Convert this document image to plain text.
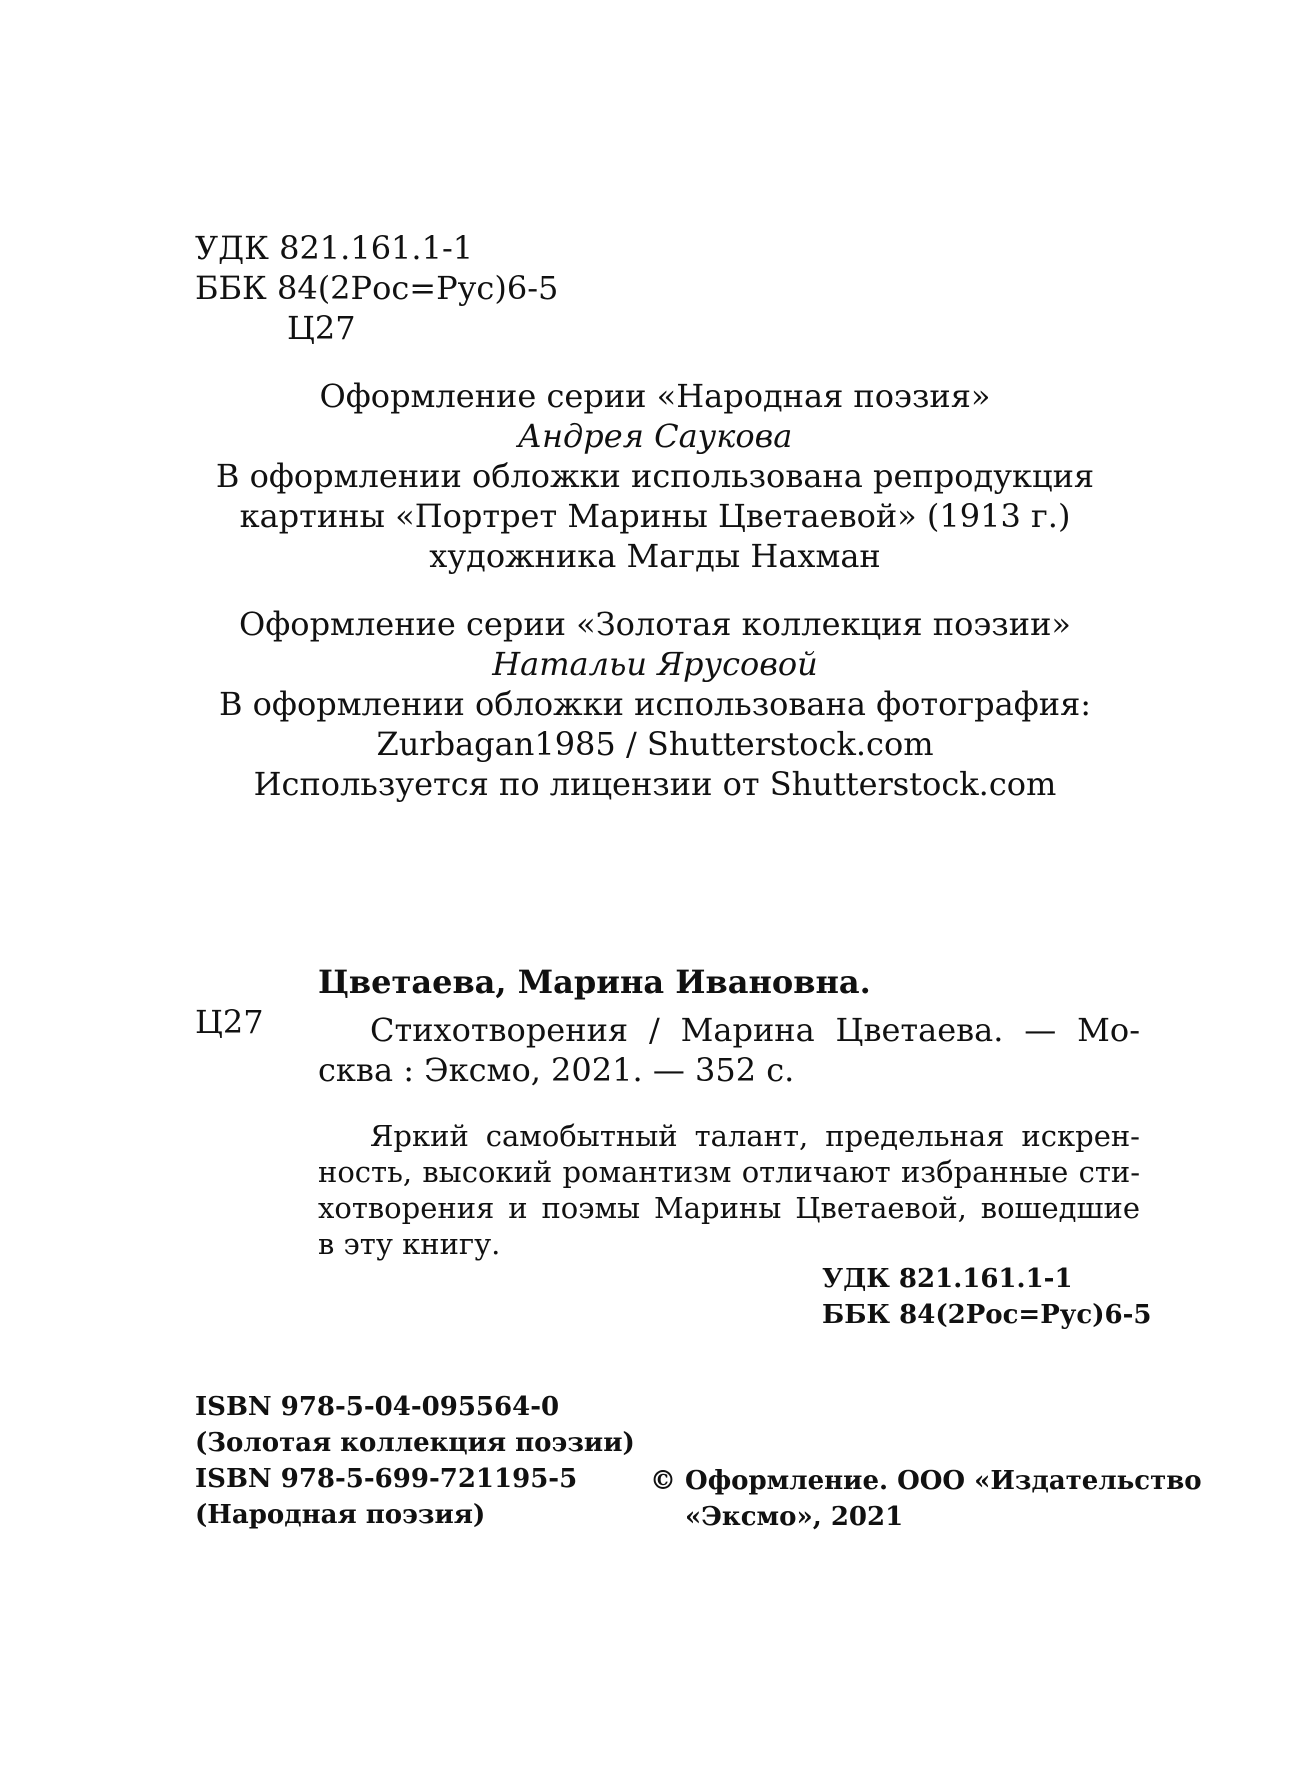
УДК 821.161.1-1
ББК 84(2Рос=Рус)6-5
Ц27
Оформление серии «Народная поэзия»
Андрея Саукова
В оформлении обложки использована репродукция
картины «Портрет Марины Цветаевой» (1913 г.)
художника Магды Нахман
Оформление серии «Золотая коллекция поэзии»
Натальи Ярусовой
В оформлении обложки использована фотография:
Zurbagan1985 / Shutterstock.com
Используется по лицензии от Shutterstock.com
Цветаева, Марина Ивановна.
Ц27	Стихотворения / Марина Цветаева. — Мо-
сква : Эксмо, 2021. — 352 с.
Яркий самобытный талант, предельная искрен-
ность, высокий романтизм отличают избранные сти-
хотворения и поэмы Марины Цветаевой, вошедшие
в эту книгу.
УДК 821.161.1-1
ББК 84(2Рос=Рус)6-5
ISBN 978-5-04-095564-0
(Золотая коллекция поэзии)
ISBN 978-5-699-721195-5
(Народная поэзия)
© Оформление. ООО «Издательство
«Эксмо», 2021
